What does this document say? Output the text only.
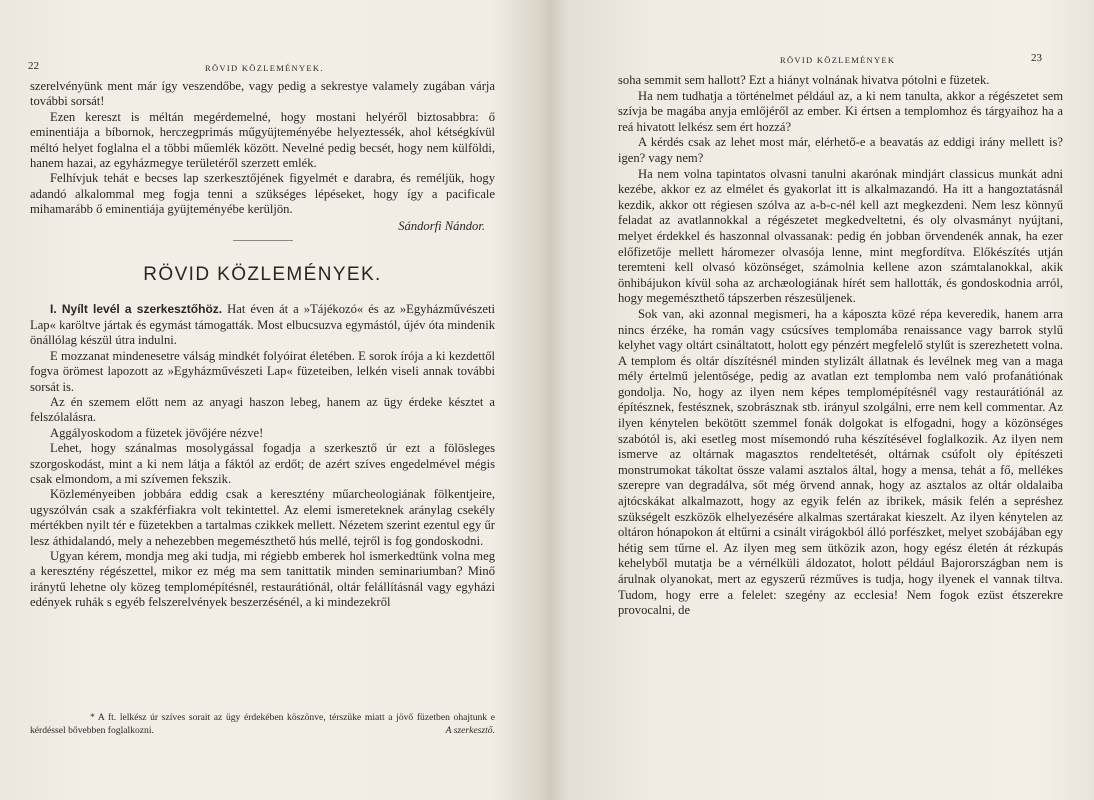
22	RÖVID KÖZLEMÉNYEK.

szerelvényünk ment már így veszendőbe, vagy pedig a sekrestye valamely zugában várja további sorsát!

Ezen kereszt is méltán megérdemelné, hogy mostani helyéről biztosabbra: ő eminentiája a bíbornok, herczegprimás műgyüjteményébe helyeztessék, ahol kétségkívül méltó helyet foglalna el a többi műemlék között. Nevelné pedig becsét, hogy nem külföldi, hanem hazai, az egyházmegye területéről szerzett emlék.

Felhívjuk tehát e becses lap szerkesztőjének figyelmét e darabra, és reméljük, hogy adandó alkalommal meg fogja tenni a szükséges lépéseket, hogy így a pacificale mihamarább ő eminentiája gyüjteményébe kerüljön.

Sándorfi Nándor.
RÖVID KÖZLEMÉNYEK.

I. Nyílt levél a szerkesztőhöz. Hat éven át a »Tájékozó« és az »Egyházművészeti Lap« karöltve jártak és egymást támogatták. Most elbucsuzva egymástól, újév óta mindenik önállólag készül útra indulni.

E mozzanat mindenesetre válság mindkét folyóirat életében. E sorok írója a ki kezdettől fogva örömest lapozott az »Egyházművészeti Lap« füzeteiben, lelkén viseli annak további sorsát is.

Az én szemem előtt nem az anyagi haszon lebeg, hanem az ügy érdeke késztet a felszólalásra.

Aggályoskodom a füzetek jövőjére nézve!

Lehet, hogy szánalmas mosolygással fogadja a szerkesztő úr ezt a fölösleges szorgoskodást, mint a ki nem látja a fáktól az erdőt; de azért szíves engedelmével mégis csak elmondom, a mi szívemen fekszik.

Közleményeiben jobbára eddig csak a keresztény műarcheologiának fölkentjeire, ugyszólván csak a szakférfiakra volt tekintettel. Az elemi ismereteknek aránylag csekély mértékben nyilt tér e füzetekben a tartalmas czikkek mellett. Nézetem szerint ezentul egy űr lesz áthidalandó, mely a nehezebben megemészthető hús mellé, tejről is fog gondoskodni.

Ugyan kérem, mondja meg aki tudja, mi régiebb emberek hol ismerkedtünk volna meg a keresztény régészettel, mikor ez még ma sem tanittatik minden seminariumban? Minő iránytű lehetne oly közeg templomépítésnél, restaurátiónál, oltár felállításnál vagy egyházi edények ruhák s egyéb felszerelvények beszerzésénél, a ki mindezekről

* A ft. lelkész úr szíves sorait az ügy érdekében köszönve, térszüke miatt a jövő füzetben ohajtunk e kérdéssel bővebben foglalkozni.	A szerkesztő.

RÖVID KÖZLEMÉNYEK	23

soha semmit sem hallott? Ezt a hiányt volnának hivatva pótolni e füzetek.

Ha nem tudhatja a történelmet például az, a ki nem tanulta, akkor a régészetet sem szívja be magába anyja emlőjéről az ember. Ki értsen a templomhoz és tárgyaihoz ha a reá hivatott lelkész sem ért hozzá?

A kérdés csak az lehet most már, elérhető-e a beavatás az eddigi irány mellett is? igen? vagy nem?

Ha nem volna tapintatos olvasni tanulni akarónak mindjárt classicus munkát adni kezébe, akkor ez az elmélet és gyakorlat itt is alkalmazandó. Ha itt a hangoztatásnál kezdik, akkor ott régiesen szólva az a-b-c-nél kell azt megkezdeni. Nem lesz könnyű feladat az avatlannokkal a régészetet megkedveltetni, és oly olvasmányt nyújtani, melyet érdekkel és haszonnal olvassanak: pedig én jobban örvendenék annak, ha ezer előfizetője mellett háromezer olvasója lenne, mint megfordítva. Előkészítés utján teremteni kell olvasó közönséget, számolnia kellene azon számtalanokkal, akik önhibájukon kívül soha az archæologiának hírét sem hallották, és gondoskodnia arról, hogy megemészthető tápszerben részesüljenek.

Sok van, aki azonnal megismeri, ha a káposzta közé répa keveredik, hanem arra nincs érzéke, ha román vagy csúcsíves templomába renaissance vagy barrok stylű kelyhet vagy oltárt csináltatott, holott egy pénzért megfelelő stylűt is szerezhetett volna. A templom és oltár díszítésnél minden stylizált állatnak és levélnek meg van a maga mély értelmű jelentősége, pedig az avatlan ezt templomba nem való profanátiónak gondolja. No, hogy az ilyen nem képes templomépítésnél vagy restaurátiónál az építésznek, festésznek, szobrásznak stb. irányul szolgálni, erre nem kell commentar. Az ilyen kénytelen bekötött szemmel fonák dolgokat is elfogadni, hogy a közönséges szabótól is, aki esetleg most mísemondó ruha készítésével foglalkozik. Az ilyen nem ismerve az oltárnak magasztos rendeltetését, oltárnak csúfolt oly építészeti monstrumokat tákoltat össze valami asztalos által, hogy a mensa, tehát a fő, mellékes szerepre van degradálva, sőt még örvend annak, hogy az asztalos az oltár oldalaiba ajtócskákat alkalmazott, hogy az egyik felén az ibrikek, másik felén a sepréshez szükségelt eszközök elhelyezésére alkalmas szertárakat kieszelt. Az ilyen kénytelen az oltáron hónapokon át eltűrni a csinált virágokból álló porfészket, melyet szobájában egy hétig sem tűrne el. Az ilyen meg sem ütközik azon, hogy egész életén át rézkupás kehelyből mutatja be a vérnélküli áldozatot, holott például Bajorországban nem is árulnak olyanokat, mert az egyszerű rézműves is tudja, hogy ilyenek el vannak tiltva. Tudom, hogy erre a felelet: szegény az ecclesia! Nem fogok ezüst étszerekre provocalni, de
